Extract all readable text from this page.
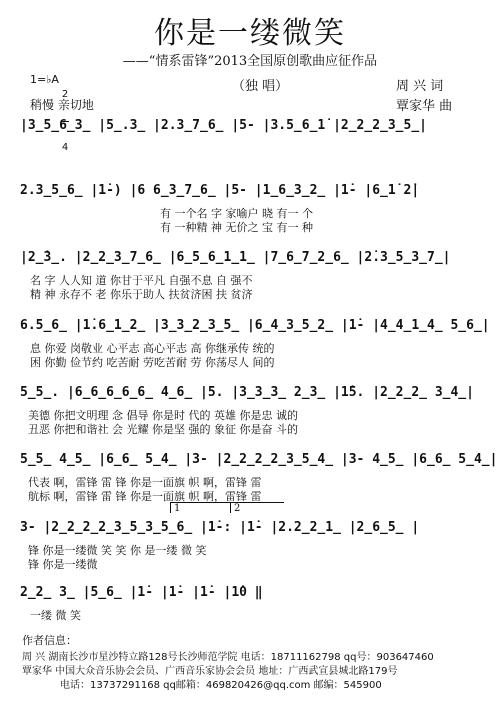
你是一缕微笑
——“情系雷锋”2013全国原创歌曲应征作品
1=♭A

2

4

稍慢 亲切地
（独 唱）	周 兴 词
覃家华 曲
|3̲5̲6̲3̲ |5̲.3̲ |2.3̲7̲6̲ |5- |3.5̲6̲1̇ |2̲2̲2̲3̲5̲|
2.3̲5̲6̲ |1̇-) |6 6̲3̲7̲6̲ |5- |1̲6̲3̲2̲ |1̇- |6̲1̇ 2̇|
有 一个名 字 家喻户 晓 有一 个
有 一种精 神 无价之 宝 有一 种
|2̲̇3̲. |2̲2̲3̲7̲6̲ |6̲5̲6̲1̲1̲ |7̲6̲7̲2̲6̲ |2̇.3̲5̲3̲7̲|
名 字 人人知 道 你甘于平凡 自强不息 自 强不
精 神 永存不 老 你乐于助人 扶贫济困 扶 贫济
6.5̲6̲ |1̇.6̲1̲2̲ |3̲3̲2̲3̲5̲ |6̲4̲3̲5̲2̲ |1̇- |4̲4̲1̲4̲ 5̲6̲|
息 你爱 岗敬业 心平志 高心平志 高 你继承传 统的
困 你勤 俭节约 吃苦耐 劳吃苦耐 劳 你荡尽人 间的
5̲5̲. |6̲6̲6̲6̲6̲ 4̲6̲ |5. |3̲3̲3̲ 2̲3̲ |1̇5. |2̲2̲2̲ 3̲4̲|
美德 你把文明理 念 倡导 你是时 代的 英雄 你是忠 诚的
丑恶 你把和谐社 会 光耀 你是坚 强的 象征 你是奋 斗的
5̲5̲ 4̲5̲ |6̲6̲ 5̲4̲ |3- |2̲2̲2̲2̲3̲5̲4̲ |3- 4̲5̲ |6̲6̲ 5̲4̲|
代表 啊，雷锋 雷 锋 你是一面旗 帜 啊，雷锋 雷
航标 啊，雷锋 雷 锋 你是一面旗 帜 啊，雷锋 雷
1	2
3- |2̲2̲2̲2̲3̲5̲3̲5̲6̲ |1̇-: |1̇- |2.2̲2̲1̲ |2̲6̲5̲ |
锋 你是一缕微 笑 笑 你 是一缕 微 笑
锋 你是一缕微
2̲2̲ 3̲ |5̲6̲ |1̇- |1̇- |1̇- |1̇0 ‖
一缕 微 笑
作者信息：
周 兴 湖南长沙市星沙特立路128号长沙师范学院 电话：18711162798 qq号：903647460
覃家华 中国大众音乐协会会员、广西音乐家协会会员 地址：广西武宣县城北路179号
电话：13737291168 qq邮箱：469820426@qq.com 邮编：545900
